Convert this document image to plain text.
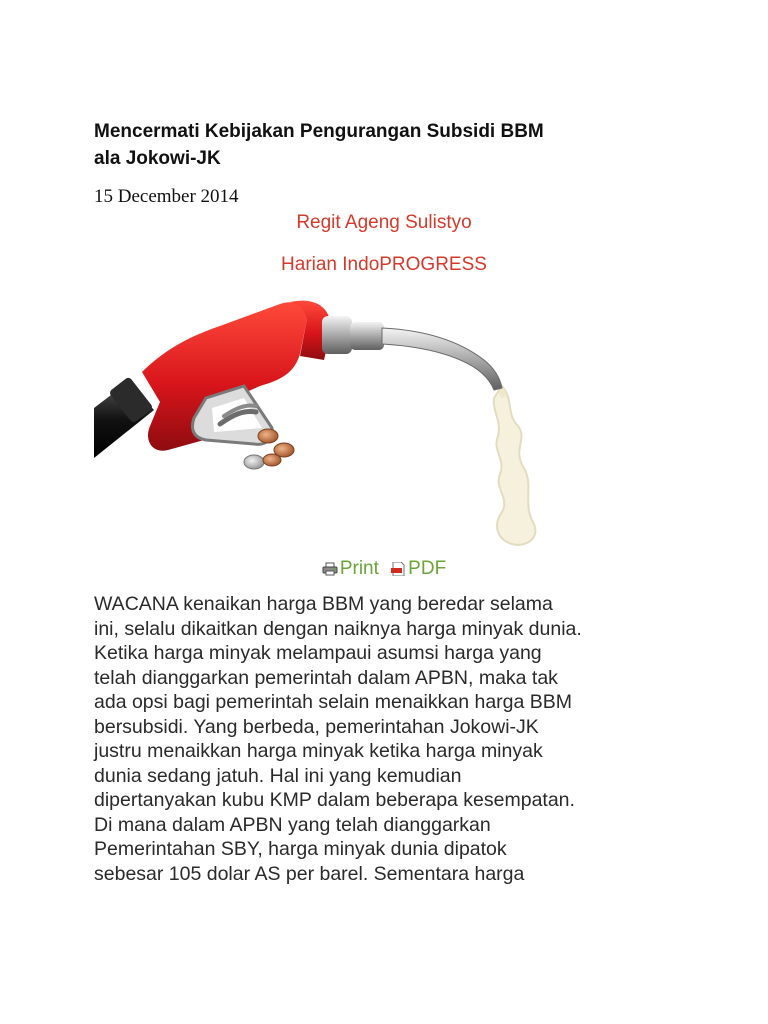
Mencermati Kebijakan Pengurangan Subsidi BBM
ala Jokowi-JK
15 December 2014
Regit Ageng Sulistyo
Harian IndoPROGRESS
Print
PDF

WACANA kenaikan harga BBM yang beredar selama
ini, selalu dikaitkan dengan naiknya harga minyak dunia.
Ketika harga minyak melampaui asumsi harga yang
telah dianggarkan pemerintah dalam APBN, maka tak
ada opsi bagi pemerintah selain menaikkan harga BBM
bersubsidi. Yang berbeda, pemerintahan Jokowi-JK
justru menaikkan harga minyak ketika harga minyak
dunia sedang jatuh. Hal ini yang kemudian
dipertanyakan kubu KMP dalam beberapa kesempatan.
Di mana dalam APBN yang telah dianggarkan
Pemerintahan SBY, harga minyak dunia dipatok
sebesar 105 dolar AS per barel. Sementara harga
